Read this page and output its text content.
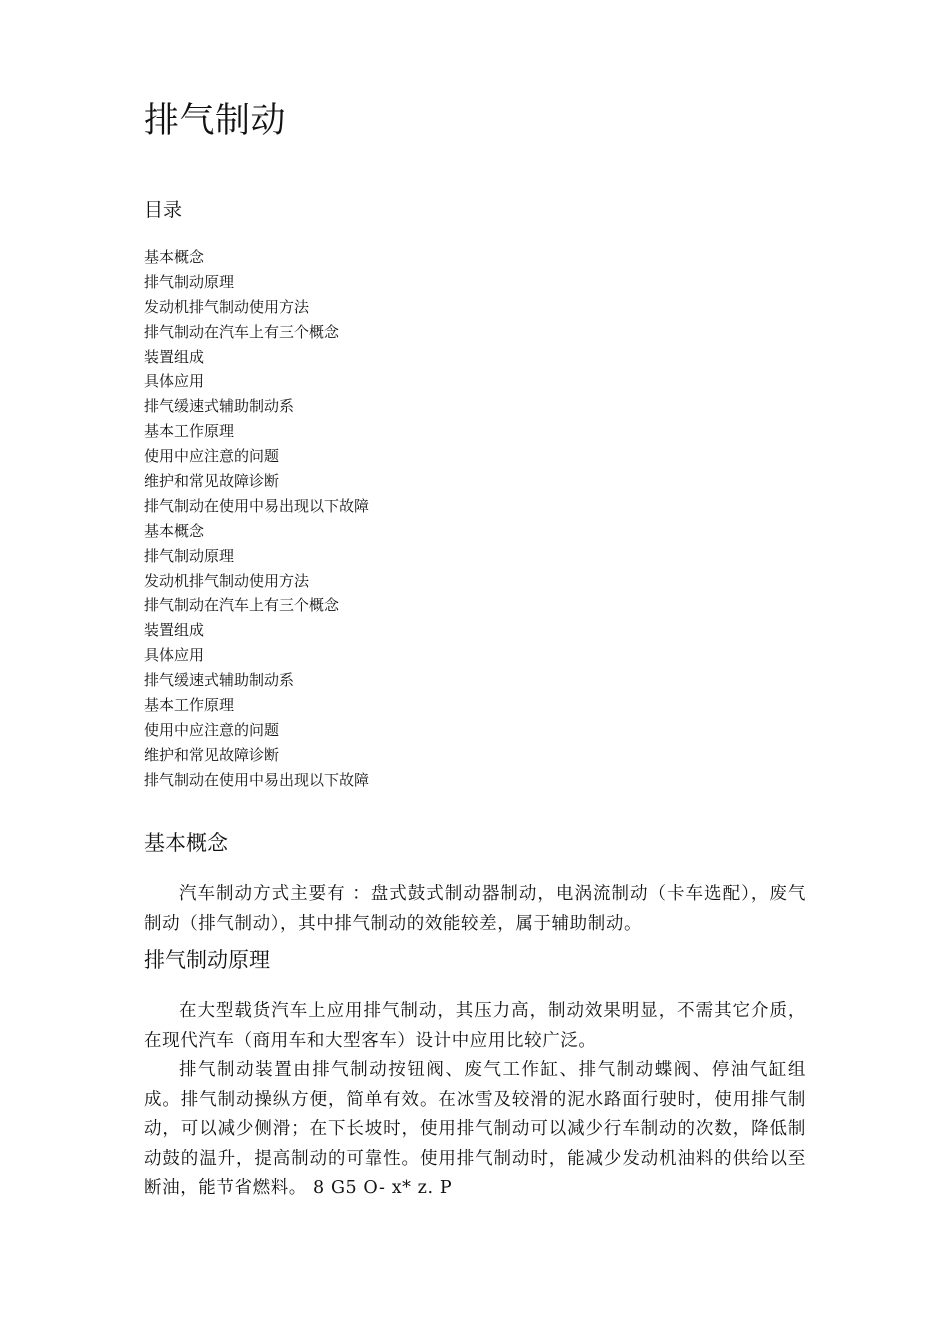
排气制动
目录
基本概念
排气制动原理
发动机排气制动使用方法
排气制动在汽车上有三个概念
装置组成
具体应用
排气缓速式辅助制动系
基本工作原理
使用中应注意的问题
维护和常见故障诊断
排气制动在使用中易出现以下故障
基本概念
排气制动原理
发动机排气制动使用方法
排气制动在汽车上有三个概念
装置组成
具体应用
排气缓速式辅助制动系
基本工作原理
使用中应注意的问题
维护和常见故障诊断
排气制动在使用中易出现以下故障
基本概念

汽车制动方式主要有 ：盘式鼓式制动器制动，电涡流制动（卡车选配），废气制动（排气制动），其中排气制动的效能较差，属于辅助制动。

排气制动原理

在大型载货汽车上应用排气制动，其压力高，制动效果明显，不需其它介质，在现代汽车（商用车和大型客车）设计中应用比较广泛。

排气制动装置由排气制动按钮阀、废气工作缸、排气制动蝶阀、停油气缸组成。排气制动操纵方便，简单有效。在冰雪及较滑的泥水路面行驶时，使用排气制动，可以减少侧滑；在下长坡时，使用排气制动可以减少行车制动的次数，降低制动鼓的温升，提高制动的可靠性。使用排气制动时，能减少发动机油料的供给以至断油，能节省燃料。 8 G5 O- x* z. P
